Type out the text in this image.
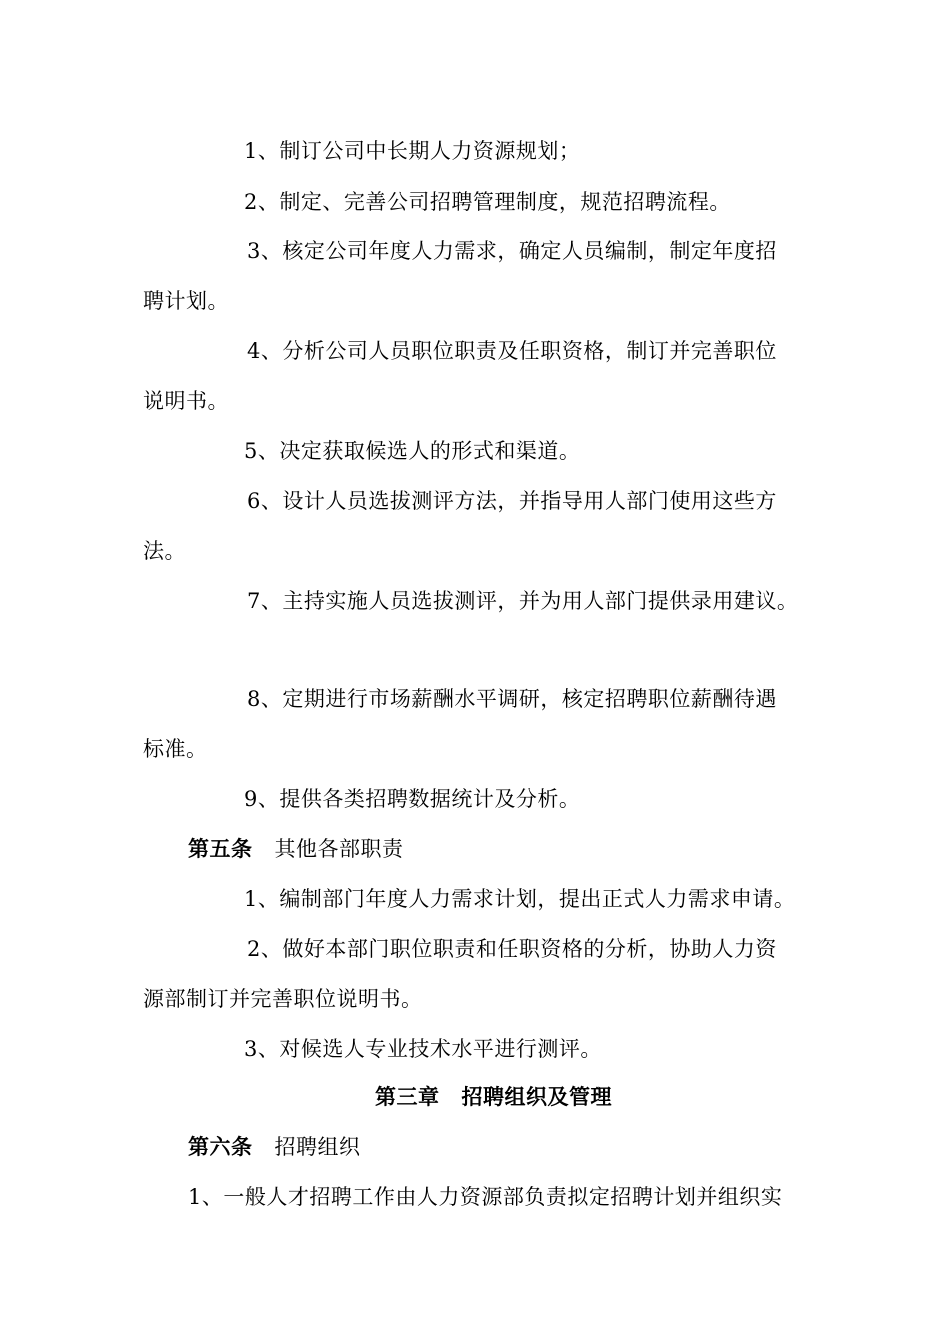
1、制订公司中长期人力资源规划；
2、制定、完善公司招聘管理制度，规范招聘流程。
3、核定公司年度人力需求，确定人员编制，制定年度招
聘计划。
4、分析公司人员职位职责及任职资格，制订并完善职位
说明书。
5、决定获取候选人的形式和渠道。
6、设计人员选拔测评方法，并指导用人部门使用这些方
法。
7、主持实施人员选拔测评，并为用人部门提供录用建议。
8、定期进行市场薪酬水平调研，核定招聘职位薪酬待遇
标准。
9、提供各类招聘数据统计及分析。
第五条 其他各部职责
1、编制部门年度人力需求计划，提出正式人力需求申请。
2、做好本部门职位职责和任职资格的分析，协助人力资
源部制订并完善职位说明书。
3、对候选人专业技术水平进行测评。
第三章 招聘组织及管理
第六条 招聘组织
1、一般人才招聘工作由人力资源部负责拟定招聘计划并组织实
